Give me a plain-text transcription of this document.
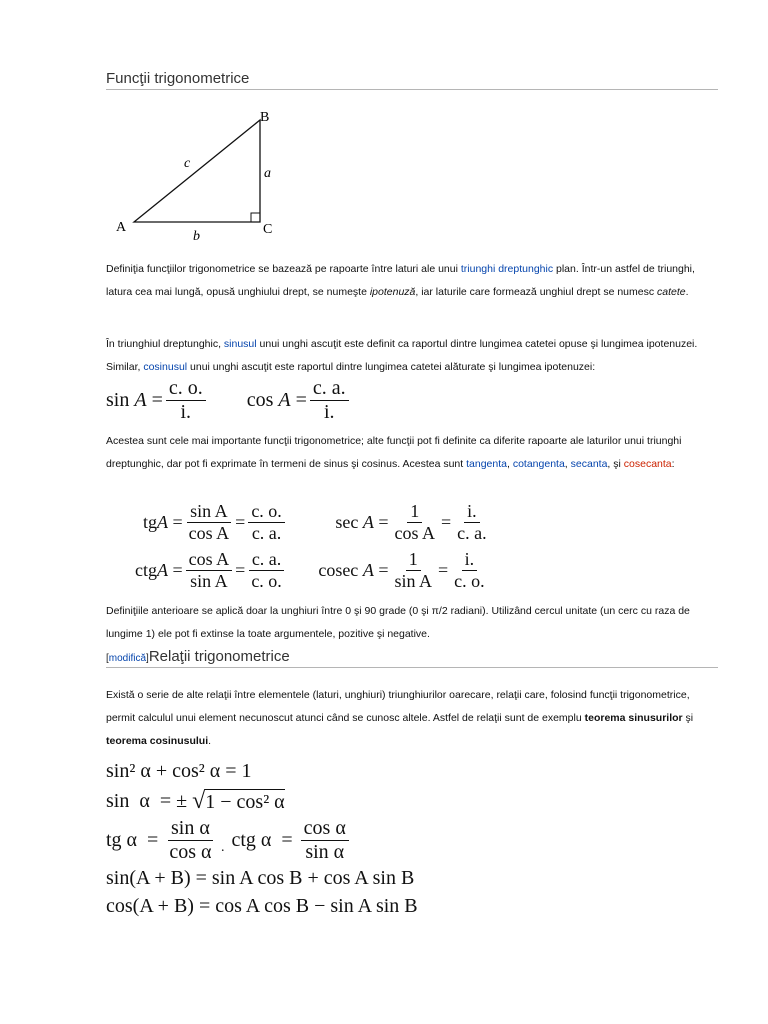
Funcţii trigonometrice
A
B
C
a
b
c

Definiţia funcţiilor trigonometrice se bazează pe rapoarte între laturi ale unui triunghi dreptunghic plan. Într-un astfel de triunghi, latura cea mai lungă, opusă unghiului drept, se numeşte ipotenuză, iar laturile care formează unghiul drept se numesc catete.

În triunghiul dreptunghic, sinusul unui unghi ascuţit este definit ca raportul dintre lungimea catetei opuse şi lungimea ipotenuzei. Similar, cosinusul unui unghi ascuţit este raportul dintre lungimea catetei alăturate şi lungimea ipotenuzei:

sin
A
= $\frac{c. o.}{i.}$ cos
A
= $\frac{c. a.}{i.}$

Acestea sunt cele mai importante funcţii trigonometrice; alte funcţii pot fi definite ca diferite rapoarte ale laturilor unui triunghi dreptunghic, dar pot fi exprimate în termeni de sinus şi cosinus. Acestea sunt tangenta, cotangenta, secanta, şi cosecanta:

tgA
= $\frac{\text{sin A}}{\text{cos A}} = \frac{c. o.}{c. a.}$	sec A
= $\frac{1}{\text{cos A}} = \frac{i.}{c. a.}$
ctgA
= $\frac{\text{cos A}}{\text{sin A}} = \frac{c. a.}{c. o.}$ cosec A
= $\frac{1}{\text{sin A}} = \frac{i.}{c. o.}$

Definiţiile anterioare se aplică doar la unghiuri între 0 şi 90 grade (0 şi π/2 radiani). Utilizând cercul unitate (un cerc cu raza de lungime 1) ele pot fi extinse la toate argumentele, pozitive şi negative.

[modifică]Relaţii trigonometrice

Există o serie de alte relaţii între elementele (laturi, unghiuri) triunghiurilor oarecare, relaţii care, folosind funcţii trigonometrice, permit calculul unui element necunoscut atunci când se cunosc altele. Astfel de relaţii sunt de exemplu teorema sinusurilor şi teorema cosinusului.

sin² α + cos² α = 1
sin  α  = ± √ 1 − cos² α
tg $\alpha = \frac{\text{sin α}}{\text{cos α}}$ . ctg $\alpha = \frac{\text{cos α}}{\text{sin α}}$
sin(A + B) = sin A cos B + cos A sin B
cos(A + B) = cos A cos B − sin A sin B
